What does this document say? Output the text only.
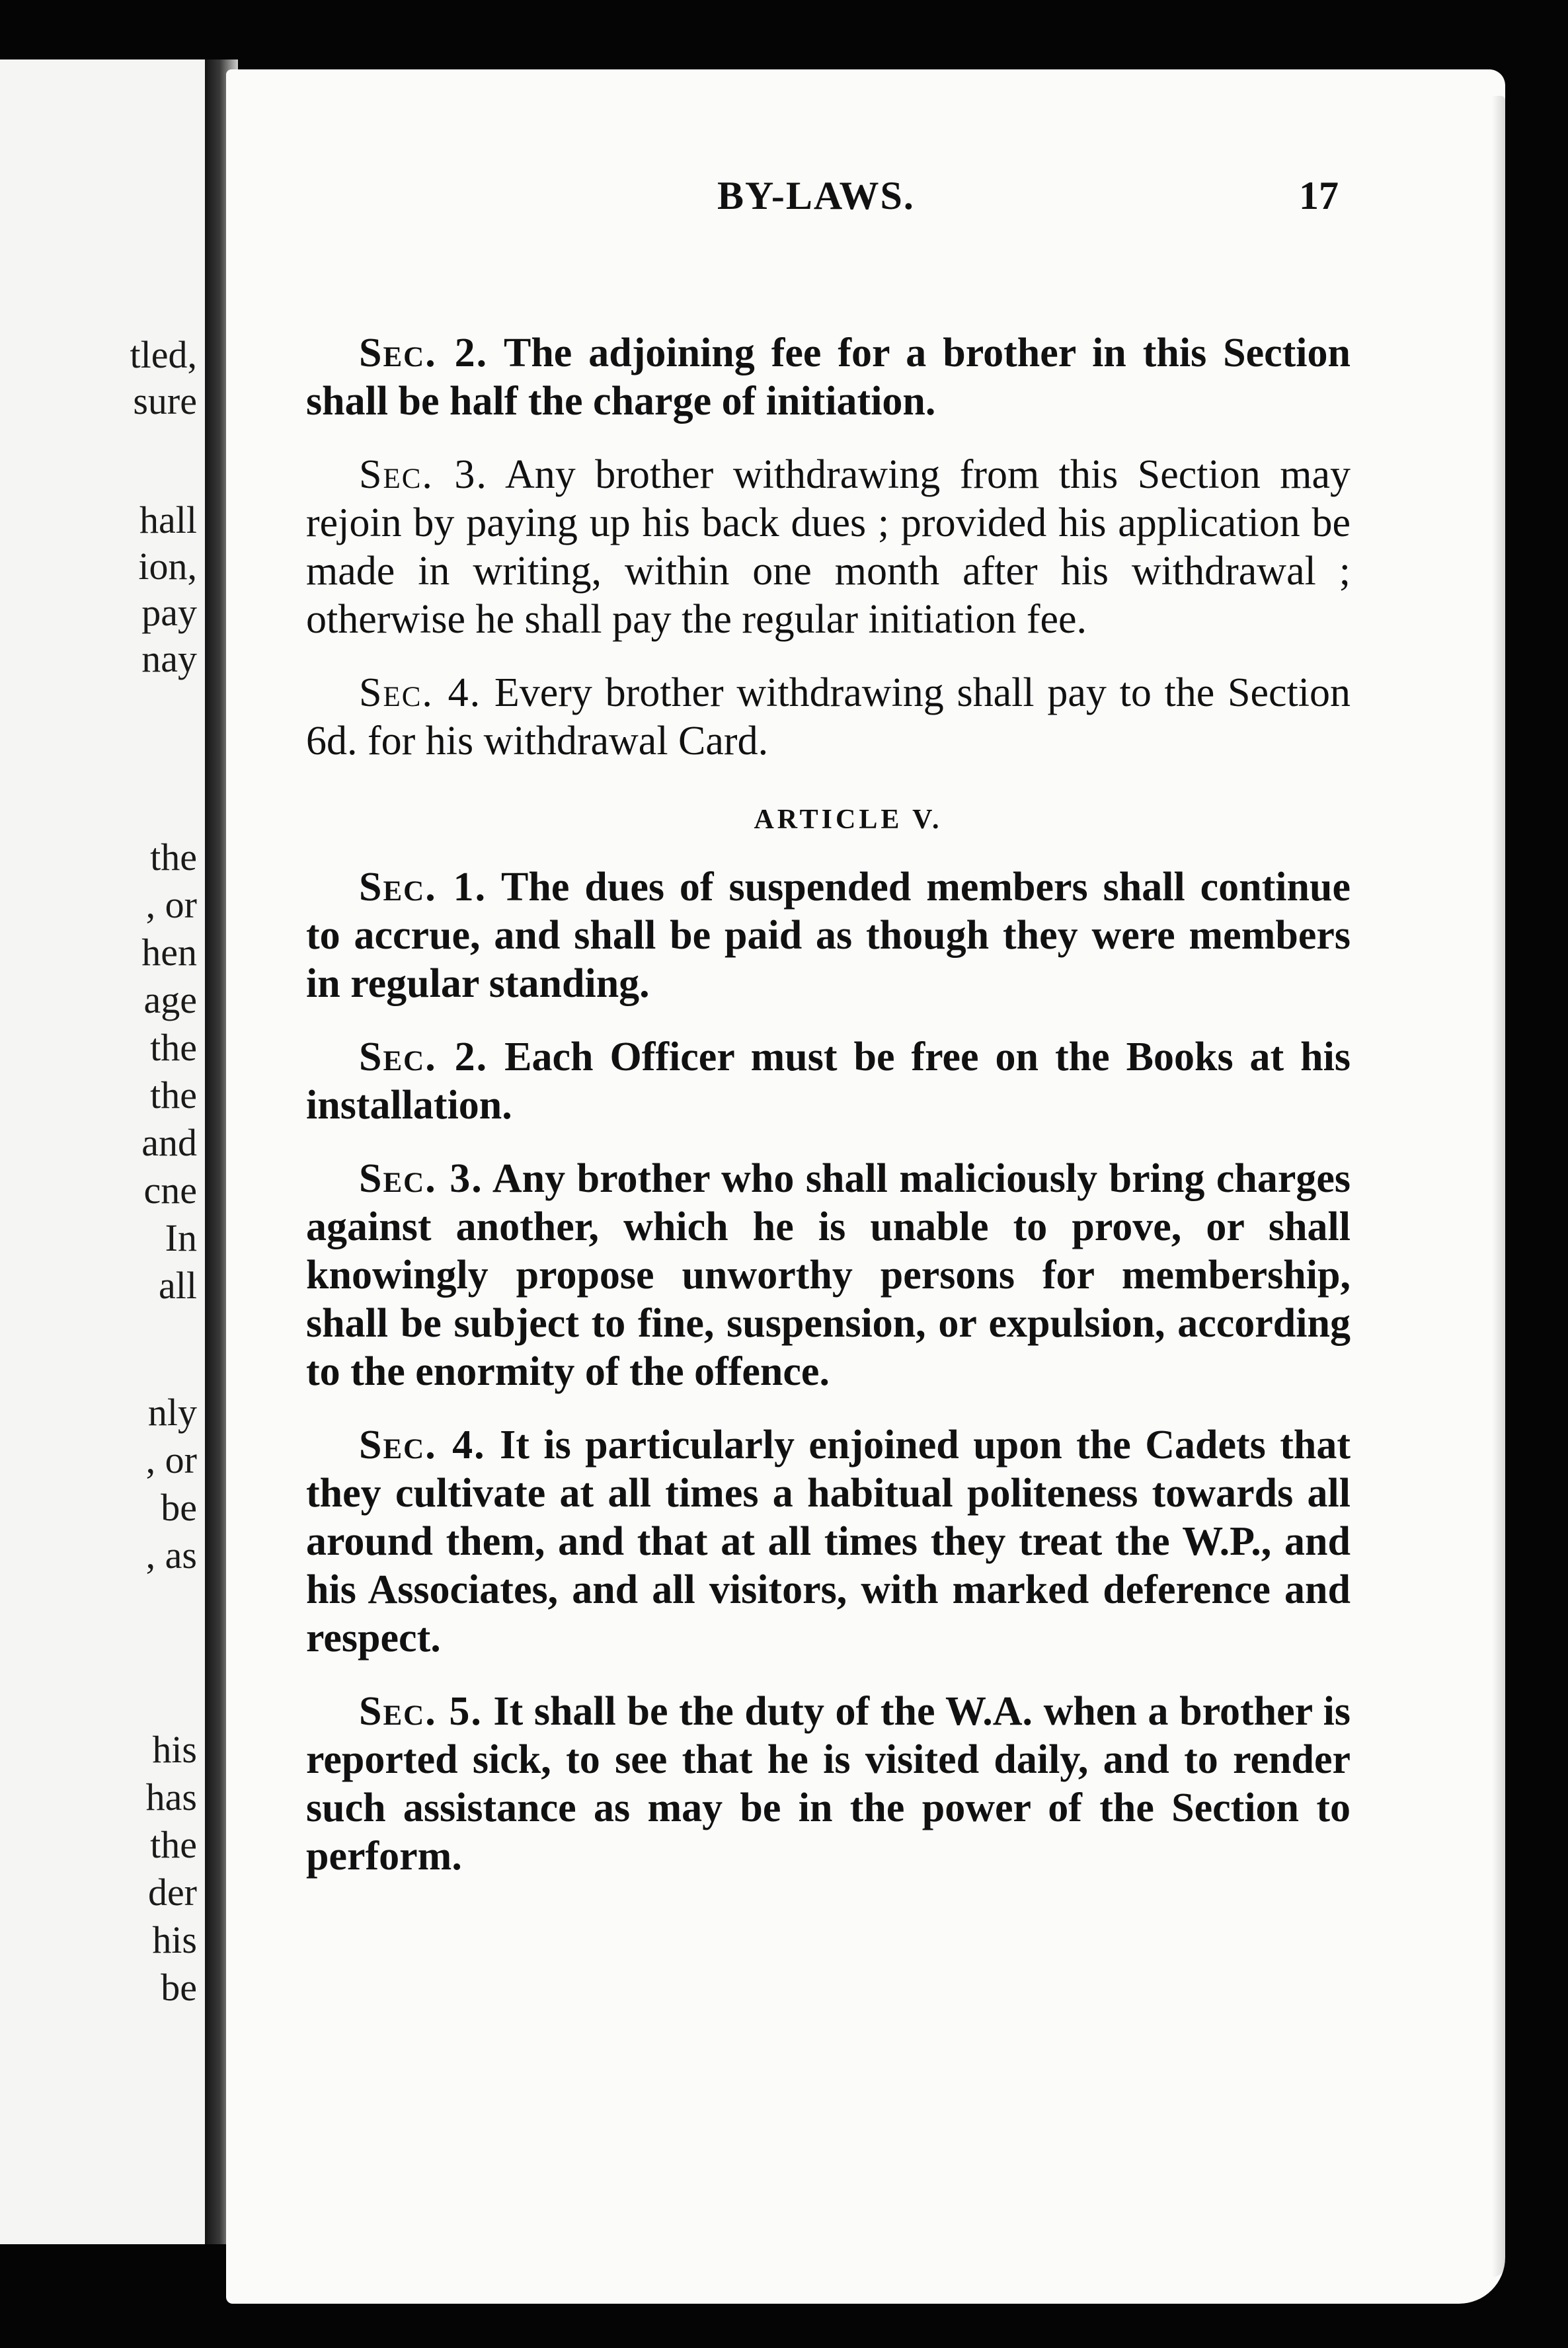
tled,
sure
hall
ion,
pay
nay
the
, or
hen
age
the
the
and
cne
In
all
nly
, or
be
, as
his
has
the
der
his
be
BY-LAWS.	17

Sec. 2. The adjoining fee for a brother in this Section shall be half the charge of initiation.

Sec. 3. Any brother withdrawing from this Section may rejoin by paying up his back dues ; provided his application be made in writing, within one month after his withdrawal ; otherwise he shall pay the regular initiation fee.

Sec. 4. Every brother withdrawing shall pay to the Section 6d. for his withdrawal Card.

ARTICLE V.

Sec. 1. The dues of suspended members shall continue to accrue, and shall be paid as though they were members in regular standing.

Sec. 2. Each Officer must be free on the Books at his installation.

Sec. 3. Any brother who shall maliciously bring charges against another, which he is unable to prove, or shall knowingly propose unworthy persons for membership, shall be subject to fine, suspension, or expulsion, according to the enormity of the offence.

Sec. 4. It is particularly enjoined upon the Cadets that they cultivate at all times a habitual politeness towards all around them, and that at all times they treat the W.P., and his Associates, and all visitors, with marked deference and respect.

Sec. 5. It shall be the duty of the W.A. when a brother is reported sick, to see that he is visited daily, and to render such assistance as may be in the power of the Section to perform.
